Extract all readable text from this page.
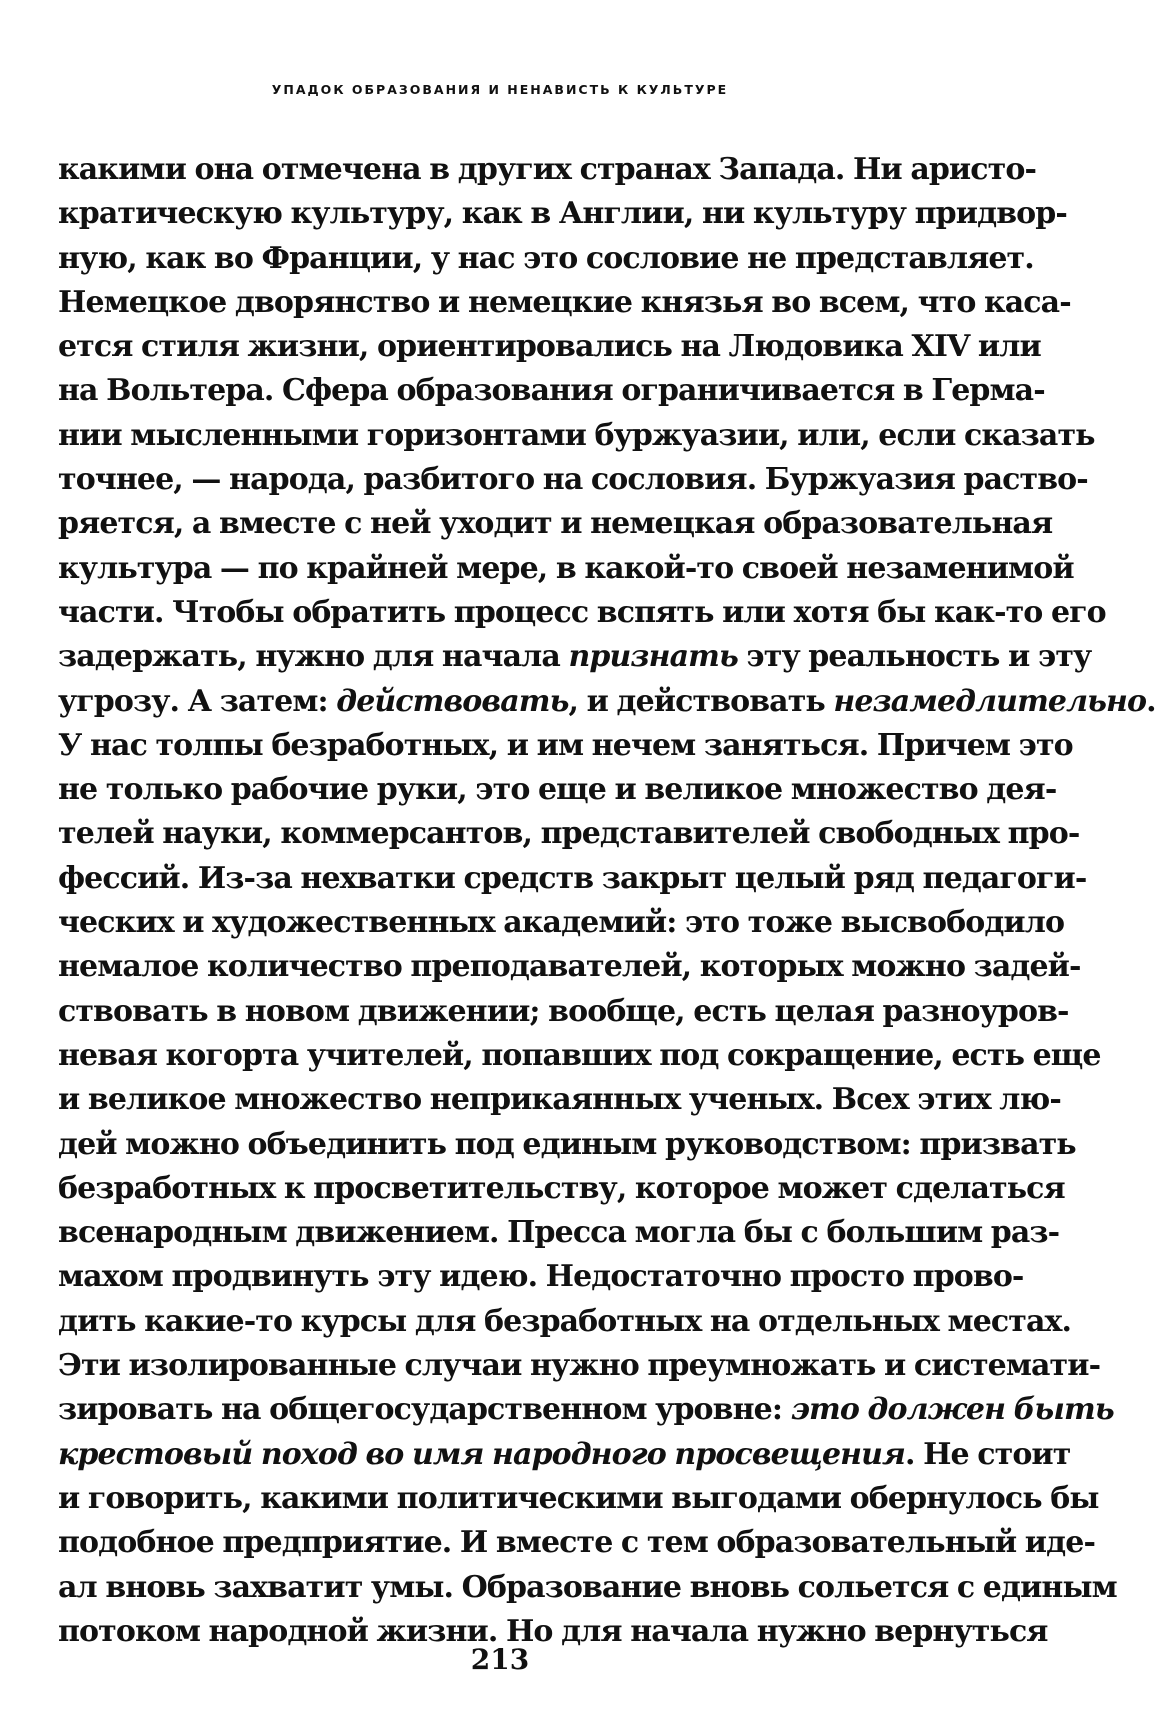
УПАДОК ОБРАЗОВАНИЯ И НЕНАВИСТЬ К КУЛЬТУРЕ
какими она отмечена в других странах Запада. Ни аристо-
кратическую культуру, как в Англии, ни культуру придвор-
ную, как во Франции, у нас это сословие не представляет.
Немецкое дворянство и немецкие князья во всем, что каса-
ется стиля жизни, ориентировались на Людовика XIV или
на Вольтера. Сфера образования ограничивается в Герма-
нии мысленными горизонтами буржуазии, или, если сказать
точнее, — народа, разбитого на сословия. Буржуазия раство-
ряется, а вместе с ней уходит и немецкая образовательная
культура — по крайней мере, в какой-то своей незаменимой
части. Чтобы обратить процесс вспять или хотя бы как-то его
задержать, нужно для начала признать эту реальность и эту
угрозу. А затем: действовать, и действовать незамедлительно.
У нас толпы безработных, и им нечем заняться. Причем это
не только рабочие руки, это еще и великое множество дея-
телей науки, коммерсантов, представителей свободных про-
фессий. Из-за нехватки средств закрыт целый ряд педагоги-
ческих и художественных академий: это тоже высвободило
немалое количество преподавателей, которых можно задей-
ствовать в новом движении; вообще, есть целая разноуров-
невая когорта учителей, попавших под сокращение, есть еще
и великое множество неприкаянных ученых. Всех этих лю-
дей можно объединить под единым руководством: призвать
безработных к просветительству, которое может сделаться
всенародным движением. Пресса могла бы с большим раз-
махом продвинуть эту идею. Недостаточно просто прово-
дить какие-то курсы для безработных на отдельных местах.
Эти изолированные случаи нужно преумножать и системати-
зировать на общегосударственном уровне: это должен быть
крестовый поход во имя народного просвещения. Не стоит
и говорить, какими политическими выгодами обернулось бы
подобное предприятие. И вместе с тем образовательный иде-
ал вновь захватит умы. Образование вновь сольется с единым
потоком народной жизни. Но для начала нужно вернуться
213
